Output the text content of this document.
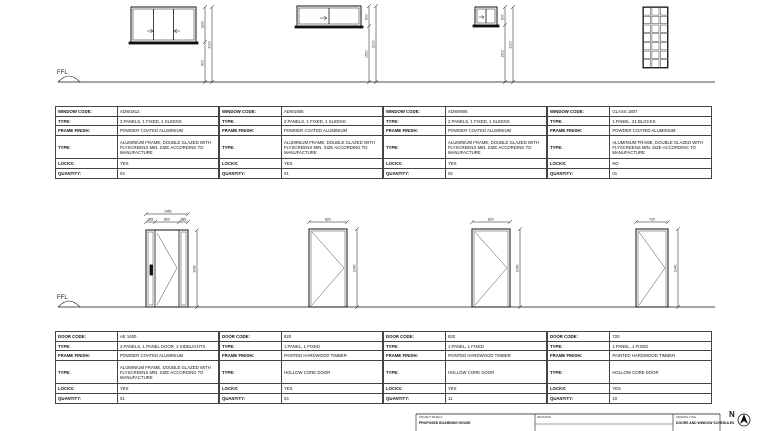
1200
2100
900
600
2100
1500
600
2100
1500
1450
385	820	385
2090
820
2040
820
2040
720
2040
FFL
FFL
WINDOW CODE:	ADW1812
TYPE:	3 PANELS, 1 FIXED, 2 SLIDING
FRAME FINISH:	POWDER COATED ALUMINIUM
TYPE:	ALUMINIUM FRAME, DOUBLE GLAZED WITH FLYSCREENS MIN. SIZE ACCORDING TO MANUFACTURE
LOCKS:	YES
QUANTITY:	04
WINDOW CODE:	ADW1806
TYPE:	2 PANELS, 1 FIXED, 1 SLIDING
FRAME FINISH:	POWDER COATED ALUMINIUM
TYPE:	ALUMINIUM FRAME, DOUBLE GLAZED WITH FLYSCREENS MIN. SIZE ACCORDING TO MANUFACTURE
LOCKS:	YES
QUANTITY:	01
WINDOW CODE:	ADW0906
TYPE:	2 PANELS, 1 FIXED, 1 SLIDING
FRAME FINISH:	POWDER COATED ALUMINIUM
TYPE:	ALUMINIUM FRAME, DOUBLE GLAZED WITH FLYSCREENS MIN. SIZE ACCORDING TO MANUFACTURE
LOCKS:	YES
QUANTITY:	02
WINDOW CODE:	GLASS 1807
TYPE:	1 PANEL, 21 BLOCKS
FRAME FINISH:	POWDER COATED ALUMINIUM
TYPE:	ALUMINIUM FRAME, DOUBLE GLAZED WITH FLYSCREENS MIN. SIZE ACCORDING TO MANUFACTURE
LOCKS:	NO
QUANTITY:	01
DOOR CODE:	AE 1400
TYPE:	3 PANELS, 1 PANEL DOOR, 2 SIDELIGHTS
FRAME FINISH:	POWDER COATED ALUMINIUM
TYPE:	ALUMINIUM FRAME, DOUBLE GLAZED WITH FLYSCREENS MIN. SIZE ACCORDING TO MANUFACTURE
LOCKS:	YES
QUANTITY:	01
DOOR CODE:	820
TYPE:	1 PANEL, 1 FIXED
FRAME FINISH:	PAINTED HARDWOOD TIMBER
TYPE:	HOLLOW CORE DOOR
LOCKS:	YES
QUANTITY:	04
DOOR CODE:	820
TYPE:	1 PANEL, 1 FIXED
FRAME FINISH:	PAINTED HARDWOOD TIMBER
TYPE:	HOLLOW CORE DOOR
LOCKS:	YES
QUANTITY:	11
DOOR CODE:	720
TYPE:	1 PANEL, 1 FIXED
FRAME FINISH:	PAINTED HARDWOOD TIMBER
TYPE:	HOLLOW CORE DOOR
LOCKS:	YES
QUANTITY:	10
PROJECT DETAILS
PROPOSED BOARDING HOUSE
REVISIONS	DRAWING TITLE
DOORS AND WINDOW SCHEDULES
N
